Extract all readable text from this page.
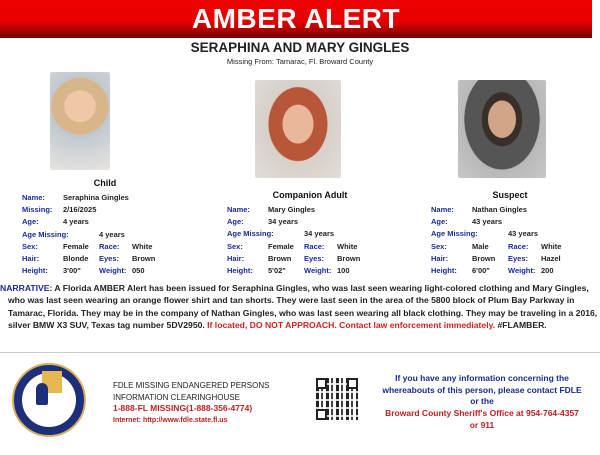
AMBER ALERT
SERAPHINA AND MARY GINGLES
Missing From: Tamarac, Fl. Broward County
Child
Name: Seraphina Gingles
Missing: 2/16/2025
Age:	4 years
Age Missing:	4 years
Sex:	Female Race: White
Hair:	Blonde Eyes: Brown
Height: 3'00" Weight: 050
Companion Adult
Name: Mary Gingles
Age:	34 years
Age Missing:	34 years
Sex:	Female Race: White
Hair:	Brown Eyes: Brown
Height: 5'02" Weight: 100
Suspect
Name: Nathan Gingles
Age:	43 years
Age Missing:	43 years
Sex:	Male	Race: White
Hair:	Brown Eyes: Hazel
Height: 6'00" Weight: 200
NARRATIVE: A Florida AMBER Alert has been issued for Seraphina Gingles, who was last seen wearing light-colored clothing and Mary Gingles, who was last seen wearing an orange flower shirt and tan shorts. They were last seen in the area of the 5800 block of Plum Bay Parkway in Tamarac, Florida. They may be in the company of Nathan Gingles, who was last seen wearing all black clothing. They may be traveling in a 2016, silver BMW X3 SUV, Texas tag number 5DV2950. If located, DO NOT APPROACH. Contact law enforcement immediately. #FLAMBER.
FDLE MISSING ENDANGERED PERSONS
INFORMATION CLEARINGHOUSE
1-888-FL MISSING(1-888-356-4774)
Internet: http://www.fdle.state.fl.us
If you have any information concerning the
whereabouts of this person, please contact FDLE
or the
Broward County Sheriff's Office at 954-764-4357
or 911
